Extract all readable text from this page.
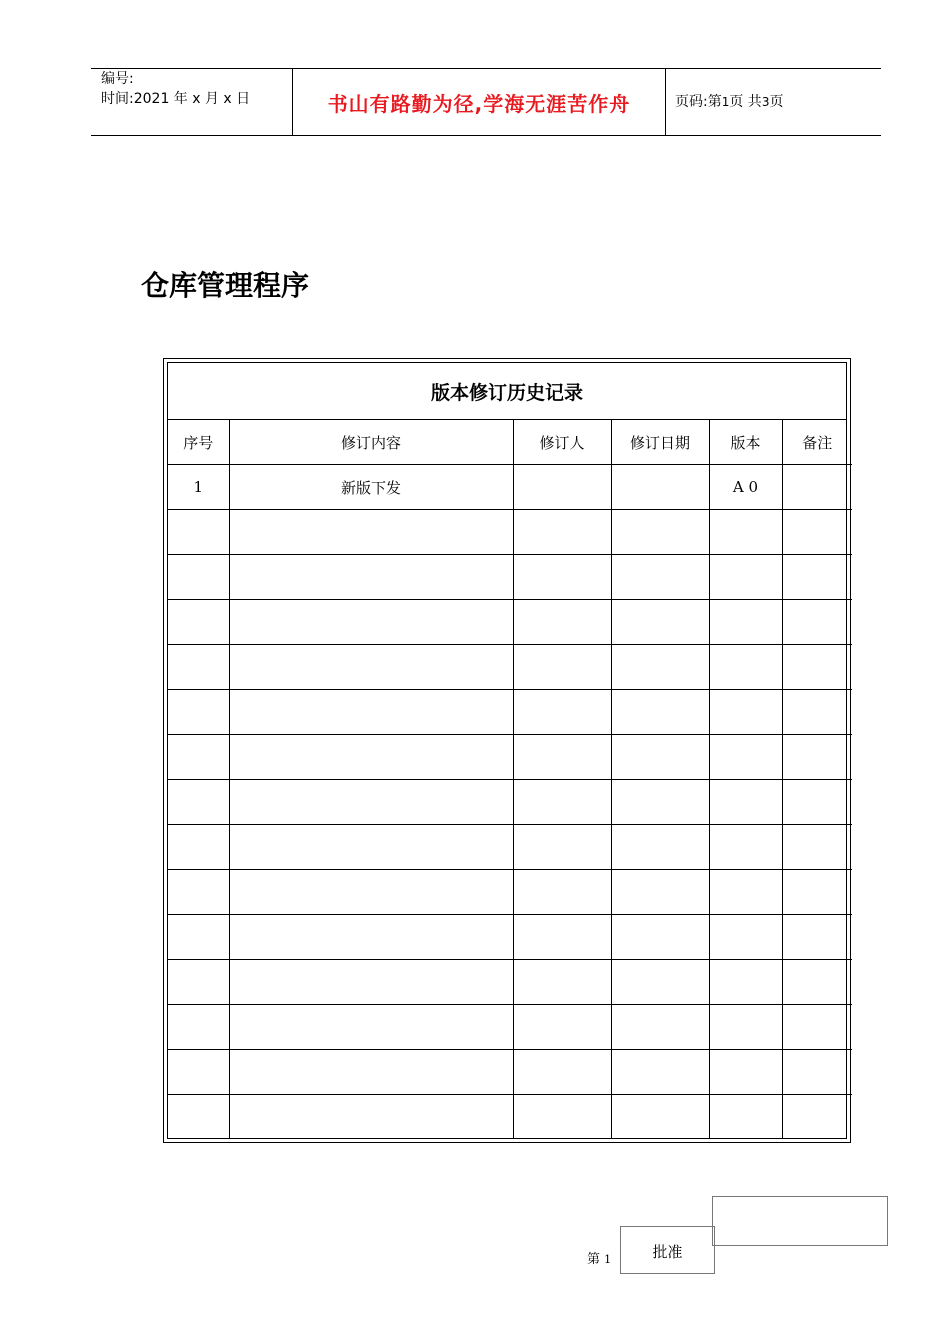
编号:
时间:2021 年 x 月 x 日	书山有路勤为径,学海无涯苦作舟	页码:第1页 共3页
仓库管理程序
版本修订历史记录
序号	修订内容	修订人	修订日期	版本	备注
1	新版下发			A 0	

第 1	批准
